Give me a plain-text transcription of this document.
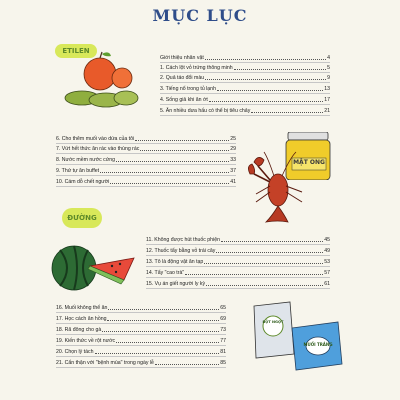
MỤC LỤC
ETILEN
Giới thiệu nhân vật	4
1. Cách lột vỏ trứng thông minh	5
2. Quả táo đổi màu	9
3. Tiếng nổ trong tủ lạnh	13
4. Sống giả khi ăn ớt	17
5. Ăn nhiều dưa hấu có thể bị tiêu chảy	21
6. Cho thêm muối vào dứa của tôi	25
7. Vứt hết thức ăn rác vào thùng rác	29
8. Nước mềm nước cứng	33
9. Thứ tự ăn buffet	37
10. Cám dỗ chết người	41
MẬT ONG
ĐƯỜNG
11. Không được hút thuốc phiện	45
12. Thuốc tẩy bằng vỏ trái cây	49
13. Tô là động vật ăn tạp	53
14. Tẩy "cao trà"	57
15. Vụ án giết người ly kỳ	61
16. Muối không thể ăn	65
17. Học cách ăn hồng	69
18. Rã đông cho gà	73
19. Kiến thức về rột nước	77
20. Chọn lý tách	81
21. Cẩn thận với "bệnh mùa" trong ngày lễ	85
BỘT NGỌT
MUỐI TRẮNG
